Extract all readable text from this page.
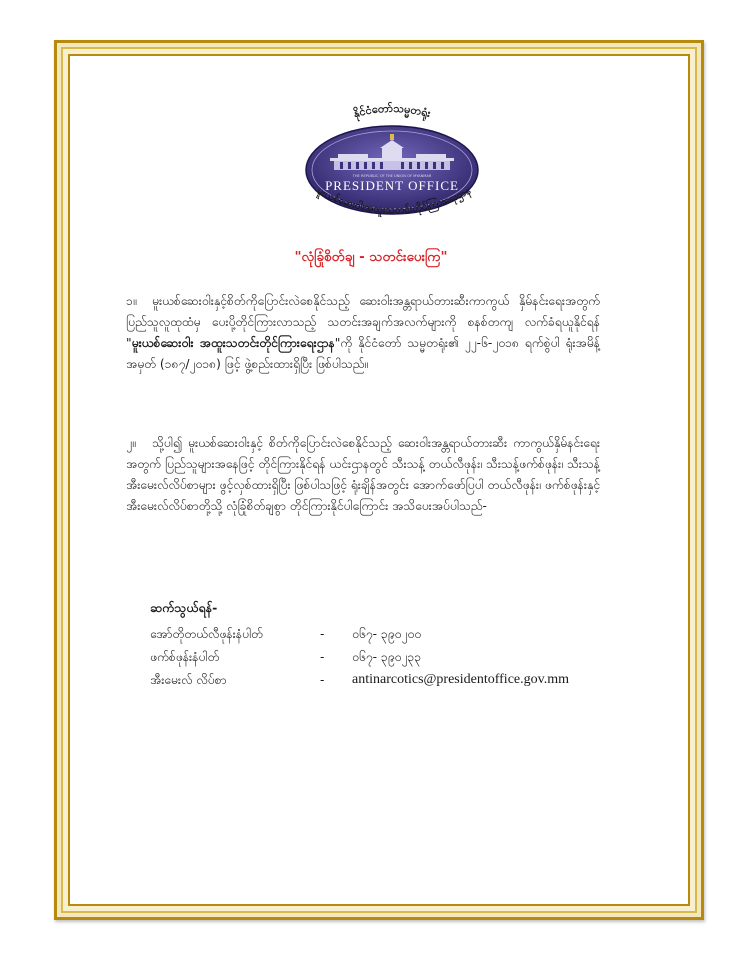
နိုင်ငံတော်သမ္မတရုံး
THE REPUBLIC OF THE UNION OF MYANMAR
PRESIDENT OFFICE
မူးယစ်ဆေးဝါးအထူးသတင်းတိုင်ကြားရေးဌာန
"လုံခြုံစိတ်ချ - သတင်းပေးကြ"
၁။ မူးယစ်ဆေးဝါးနှင့်စိတ်ကိုပြောင်းလဲစေနိုင်သည့် ဆေးဝါးအန္တရာယ်တားဆီးကာကွယ် နှိမ်နင်းရေးအတွက် ပြည်သူလူထုထံမှ ပေးပို့တိုင်ကြားလာသည့် သတင်းအချက်အလက်များကို စနစ်တကျ လက်ခံရယူနိုင်ရန် "မူးယစ်ဆေးဝါး အထူးသတင်းတိုင်ကြားရေးဌာန"ကို နိုင်ငံတော် သမ္မတရုံး၏ ၂၂-၆-၂၀၁၈ ရက်စွဲပါ ရုံးအမိန့်အမှတ် (၁၈၇/၂၀၁၈) ဖြင့် ဖွဲ့စည်းထားရှိပြီး ဖြစ်ပါသည်။
၂။ သို့ပါ၍ မူးယစ်ဆေးဝါးနှင့် စိတ်ကိုပြောင်းလဲစေနိုင်သည့် ဆေးဝါးအန္တရာယ်တားဆီး ကာကွယ်နှိမ်နင်းရေးအတွက် ပြည်သူများအနေဖြင့် တိုင်ကြားနိုင်ရန် ယင်းဌာနတွင် သီးသန့် တယ်လီဖုန်း၊ သီးသန့်ဖက်စ်ဖုန်း၊ သီးသန့်အီးမေးလ်လိပ်စာများ ဖွင့်လှစ်ထားရှိပြီး ဖြစ်ပါသဖြင့် ရုံးချိန်အတွင်း အောက်ဖော်ပြပါ တယ်လီဖုန်း၊ ဖက်စ်ဖုန်းနှင့် အီးမေးလ်လိပ်စာတို့သို့ လုံခြုံစိတ်ချစွာ တိုင်ကြားနိုင်ပါကြောင်း အသိပေးအပ်ပါသည်-
ဆက်သွယ်ရန်-
အော်တိုတယ်လီဖုန်းနံပါတ်	- ၀၆၇- ၃၉၀၂၀၀
ဖက်စ်ဖုန်းနံပါတ်	- ၀၆၇- ၃၉၀၂၃၃
အီးမေးလ် လိပ်စာ	- antinarcotics@presidentoffice.gov.mm
